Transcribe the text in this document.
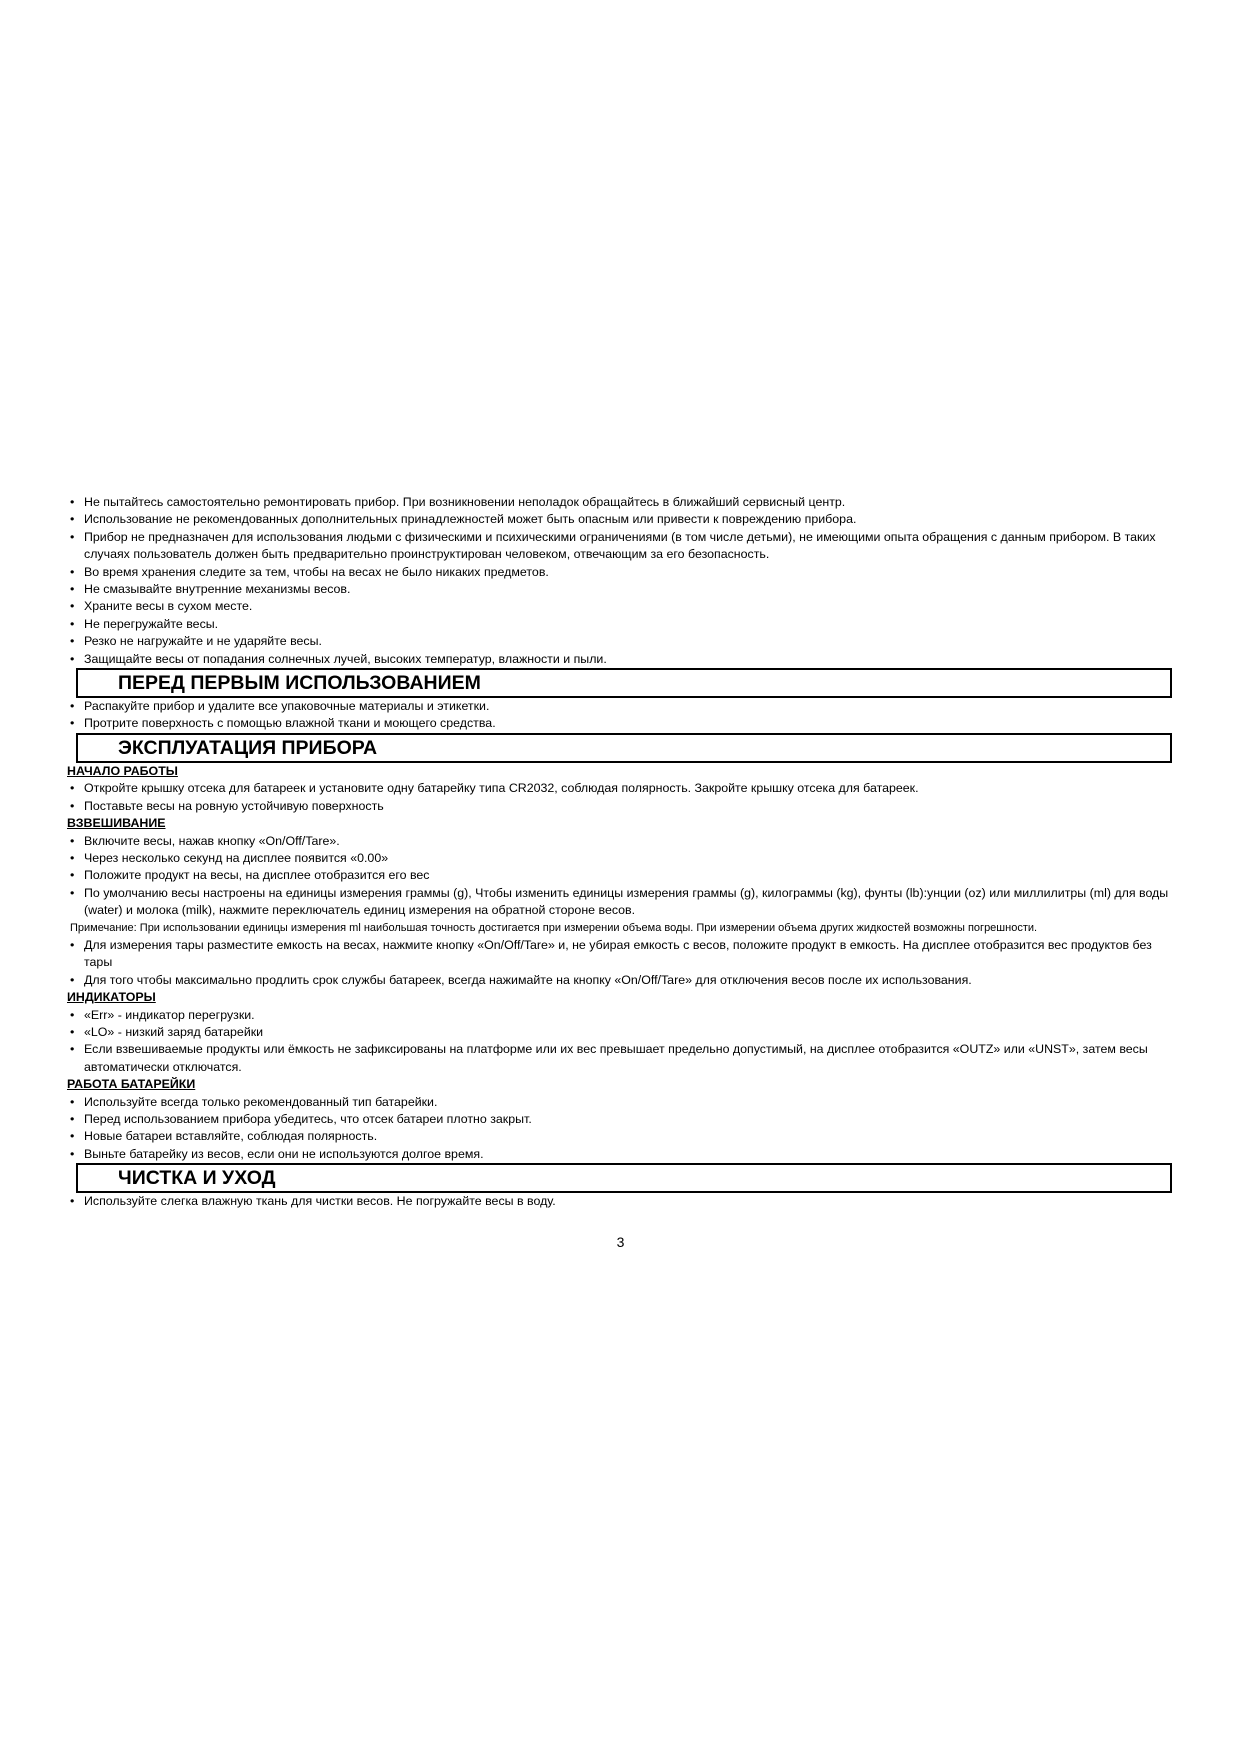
• Не пытайтесь самостоятельно ремонтировать прибор. При возникновении неполадок обращайтесь в ближайший сервисный центр.
• Использование не рекомендованных дополнительных принадлежностей может быть опасным или привести к повреждению прибора.
• Прибор не предназначен для использования людьми с физическими и психическими ограничениями (в том числе детьми), не имеющими опыта обращения с данным прибором. В таких случаях пользователь должен быть предварительно проинструктирован человеком, отвечающим за его безопасность.
• Во время хранения следите за тем, чтобы на весах не было никаких предметов.
• Не смазывайте внутренние механизмы весов.
• Храните весы в сухом месте.
• Не перегружайте весы.
• Резко не нагружайте и не ударяйте весы.
• Защищайте весы от попадания солнечных лучей, высоких температур, влажности и пыли.
ПЕРЕД ПЕРВЫМ ИСПОЛЬЗОВАНИЕМ
• Распакуйте прибор и удалите все упаковочные материалы и этикетки.
• Протрите поверхность с помощью влажной ткани и моющего средства.
ЭКСПЛУАТАЦИЯ ПРИБОРА
НАЧАЛО РАБОТЫ
• Откройте крышку отсека для батареек и установите одну батарейку типа CR2032, соблюдая полярность. Закройте крышку отсека для батареек.
• Поставьте весы на ровную устойчивую поверхность
ВЗВЕШИВАНИЕ
• Включите весы, нажав кнопку «On/Off/Tare».
• Через несколько секунд на дисплее появится «0.00»
• Положите продукт на весы, на дисплее отобразится его вес
• По умолчанию весы настроены на единицы измерения граммы (g), Чтобы изменить единицы измерения граммы (g), килограммы (kg), фунты (lb):унции (oz) или миллилитры (ml) для воды (water) и молока (milk), нажмите переключатель единиц измерения на обратной стороне весов.
Примечание: При использовании единицы измерения ml наибольшая точность достигается при измерении объема воды. При измерении объема других жидкостей возможны погрешности.
• Для измерения тары разместите емкость на весах, нажмите кнопку «On/Off/Tare» и, не убирая емкость с весов, положите продукт в емкость. На дисплее отобразится вес продуктов без тары
• Для того чтобы максимально продлить срок службы батареек, всегда нажимайте на кнопку «On/Off/Tare» для отключения весов после их использования.
ИНДИКАТОРЫ
• «Err» - индикатор перегрузки.
• «LO» - низкий заряд батарейки
• Если взвешиваемые продукты или ёмкость не зафиксированы на платформе или их вес превышает предельно допустимый, на дисплее отобразится «OUTZ» или «UNST», затем весы автоматически отключатся.
РАБОТА БАТАРЕЙКИ
• Используйте всегда только рекомендованный тип батарейки.
• Перед использованием прибора убедитесь, что отсек батареи плотно закрыт.
• Новые батареи вставляйте, соблюдая полярность.
• Выньте батарейку из весов, если они не используются долгое время.
ЧИСТКА И УХОД
• Используйте слегка влажную ткань для чистки весов. Не погружайте весы в воду.
3
